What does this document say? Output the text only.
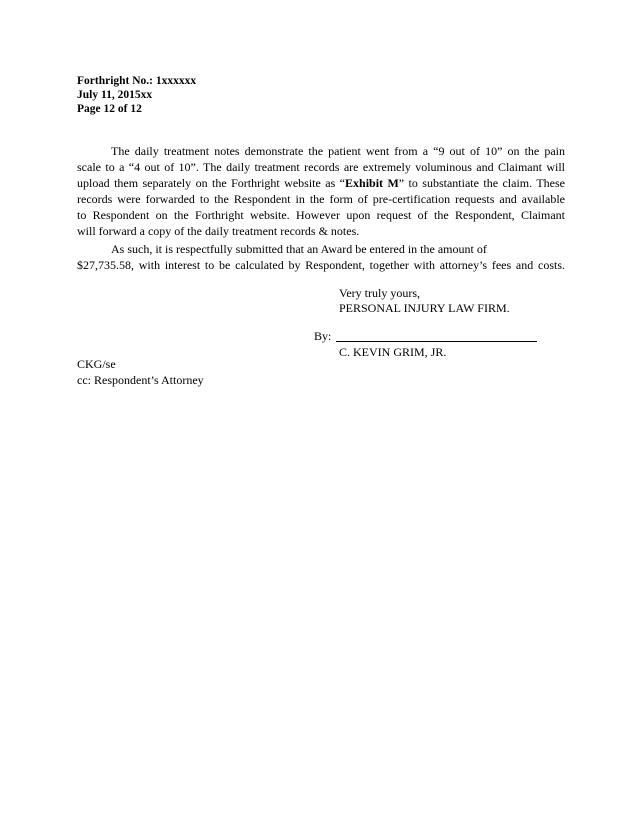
Forthright No.: 1xxxxxx
July 11, 2015xx
Page 12 of 12
The daily treatment notes demonstrate the patient went from a “9 out of 10” on the pain
scale to a “4 out of 10”. The daily treatment records are extremely voluminous and Claimant will
upload them separately on the Forthright website as “Exhibit M” to substantiate the claim. These
records were forwarded to the Respondent in the form of pre-certification requests and available
to Respondent on the Forthright website. However upon request of the Respondent, Claimant
will forward a copy of the daily treatment records & notes.
As such, it is respectfully submitted that an Award be entered in the amount of
$27,735.58, with interest to be calculated by Respondent, together with attorney’s fees and costs.
Very truly yours,
PERSONAL INJURY LAW FIRM.
By:
C. KEVIN GRIM, JR.
CKG/se
cc: Respondent’s Attorney
